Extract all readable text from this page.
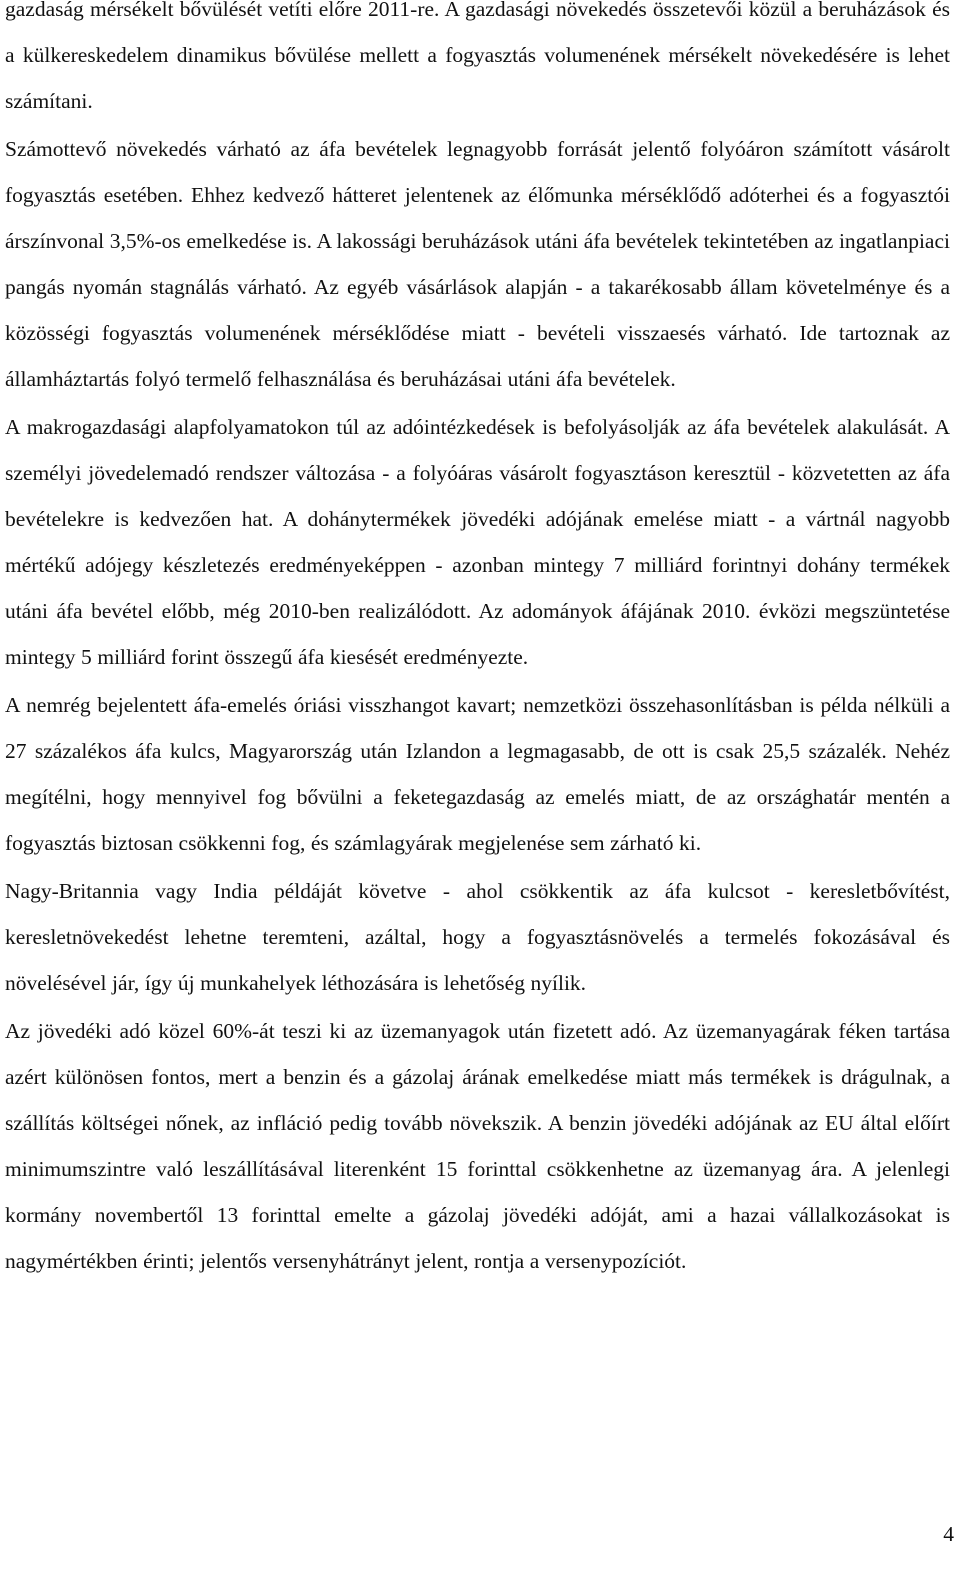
gazdaság mérsékelt bővülését vetíti előre 2011-re. A gazdasági növekedés összetevői közül a beruházások és a külkereskedelem dinamikus bővülése mellett a fogyasztás volumenének mérsékelt növekedésére is lehet számítani.

Számottevő növekedés várható az áfa bevételek legnagyobb forrását jelentő folyóáron számított vásárolt fogyasztás esetében. Ehhez kedvező hátteret jelentenek az élőmunka mérséklődő adóterhei és a fogyasztói árszínvonal 3,5%-os emelkedése is. A lakossági beruházások utáni áfa bevételek tekintetében az ingatlanpiaci pangás nyomán stagnálás várható. Az egyéb vásárlások alapján - a takarékosabb állam követelménye és a közösségi fogyasztás volumenének mérséklődése miatt - bevételi visszaesés várható. Ide tartoznak az államháztartás folyó termelő felhasználása és beruházásai utáni áfa bevételek.

A makrogazdasági alapfolyamatokon túl az adóintézkedések is befolyásolják az áfa bevételek alakulását. A személyi jövedelemadó rendszer változása - a folyóáras vásárolt fogyasztáson keresztül - közvetetten az áfa bevételekre is kedvezően hat. A dohánytermékek jövedéki adójának emelése miatt - a vártnál nagyobb mértékű adójegy készletezés eredményeképpen - azonban mintegy 7 milliárd forintnyi dohány termékek utáni áfa bevétel előbb, még 2010-ben realizálódott. Az adományok áfájának 2010. évközi megszüntetése mintegy 5 milliárd forint összegű áfa kiesését eredményezte.

A nemrég bejelentett áfa-emelés óriási visszhangot kavart; nemzetközi összehasonlításban is példa nélküli a 27 százalékos áfa kulcs, Magyarország után Izlandon a legmagasabb, de ott is csak 25,5 százalék. Nehéz megítélni, hogy mennyivel fog bővülni a feketegazdaság az emelés miatt, de az országhatár mentén a fogyasztás biztosan csökkenni fog, és számlagyárak megjelenése sem zárható ki.

Nagy-Britannia vagy India példáját követve - ahol csökkentik az áfa kulcsot - keresletbővítést, keresletnövekedést lehetne teremteni, azáltal, hogy a fogyasztásnövelés a termelés fokozásával és növelésével jár, így új munkahelyek léthozására is lehetőség nyílik.

Az jövedéki adó közel 60%-át teszi ki az üzemanyagok után fizetett adó. Az üzemanyagárak féken tartása azért különösen fontos, mert a benzin és a gázolaj árának emelkedése miatt más termékek is drágulnak, a szállítás költségei nőnek, az infláció pedig tovább növekszik. A benzin jövedéki adójának az EU által előírt minimumszintre való leszállításával literenként 15 forinttal csökkenhetne az üzemanyag ára. A jelenlegi kormány novembertől 13 forinttal emelte a gázolaj jövedéki adóját, ami a hazai vállalkozásokat is nagymértékben érinti; jelentős versenyhátrányt jelent, rontja a versenypozíciót.

4
